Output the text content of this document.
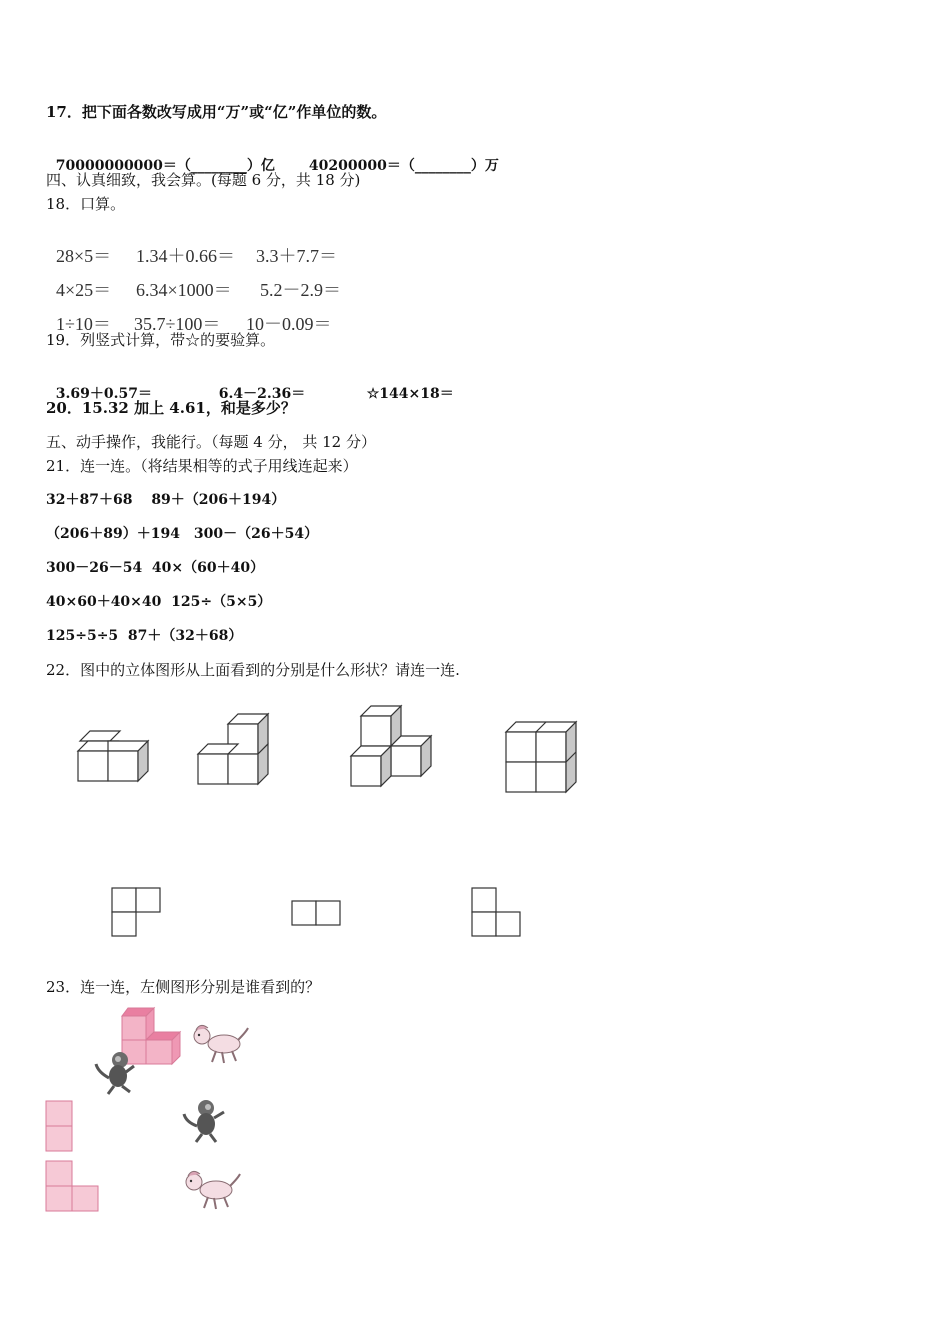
17．把下面各数改写成用“万”或“亿”作单位的数。

70000000000＝（________）亿 40200000＝（________）万

四、认真细致，我会算。(每题 6 分，共 18 分)
18．口算。

28×5＝ 1.34＋0.66＝ 3.3＋7.7＝

4×25＝ 6.34×1000＝ 5.2－2.9＝

1÷10＝ 35.7÷100＝ 10－0.09＝

19．列竖式计算，带☆的要验算。

3.69＋0.57＝	6.4－2.36＝	☆144×18＝

20．15.32 加上 4.61，和是多少？
五、动手操作，我能行。（每题 4 分， 共 12 分）
21．连一连。（将结果相等的式子用线连起来）
32＋87＋68　 89＋（206＋194）
（206＋89）＋194　300－（26＋54）
300－26－54  40×（60＋40）
40×60＋40×40  125÷（5×5）
125÷5÷5  87＋（32＋68）
22．图中的立体图形从上面看到的分别是什么形状？请连一连.
23．连一连，左侧图形分别是谁看到的？
